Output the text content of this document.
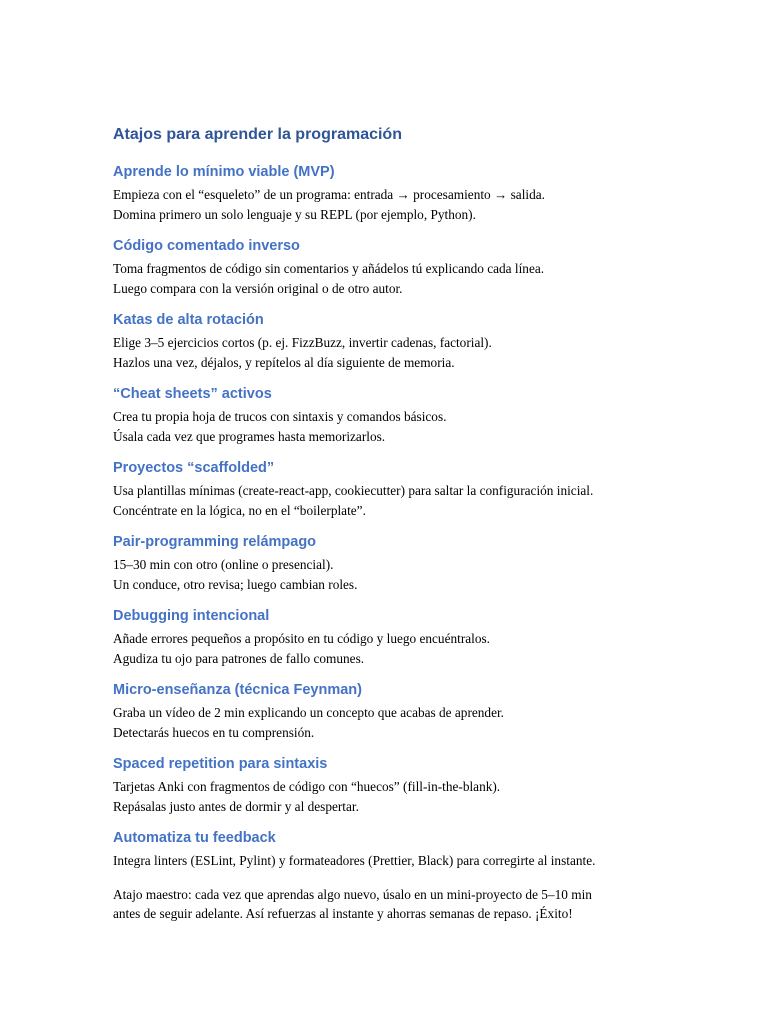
Atajos para aprender la programación
Aprende lo mínimo viable (MVP)

Empieza con el “esqueleto” de un programa: entrada → procesamiento → salida.

Domina primero un solo lenguaje y su REPL (por ejemplo, Python).

Código comentado inverso

Toma fragmentos de código sin comentarios y añádelos tú explicando cada línea.

Luego compara con la versión original o de otro autor.

Katas de alta rotación

Elige 3–5 ejercicios cortos (p. ej. FizzBuzz, invertir cadenas, factorial).

Hazlos una vez, déjalos, y repítelos al día siguiente de memoria.

“Cheat sheets” activos

Crea tu propia hoja de trucos con sintaxis y comandos básicos.

Úsala cada vez que programes hasta memorizarlos.

Proyectos “scaffolded”

Usa plantillas mínimas (create-react-app, cookiecutter) para saltar la configuración inicial.

Concéntrate en la lógica, no en el “boilerplate”.

Pair-programming relámpago

15–30 min con otro (online o presencial).

Un conduce, otro revisa; luego cambian roles.

Debugging intencional

Añade errores pequeños a propósito en tu código y luego encuéntralos.

Agudiza tu ojo para patrones de fallo comunes.

Micro-enseñanza (técnica Feynman)

Graba un vídeo de 2 min explicando un concepto que acabas de aprender.

Detectarás huecos en tu comprensión.

Spaced repetition para sintaxis

Tarjetas Anki con fragmentos de código con “huecos” (fill-in-the-blank).

Repásalas justo antes de dormir y al despertar.

Automatiza tu feedback

Integra linters (ESLint, Pylint) y formateadores (Prettier, Black) para corregirte al instante.

Atajo maestro: cada vez que aprendas algo nuevo, úsalo en un mini-proyecto de 5–10 min

antes de seguir adelante. Así refuerzas al instante y ahorras semanas de repaso. ¡Éxito!
